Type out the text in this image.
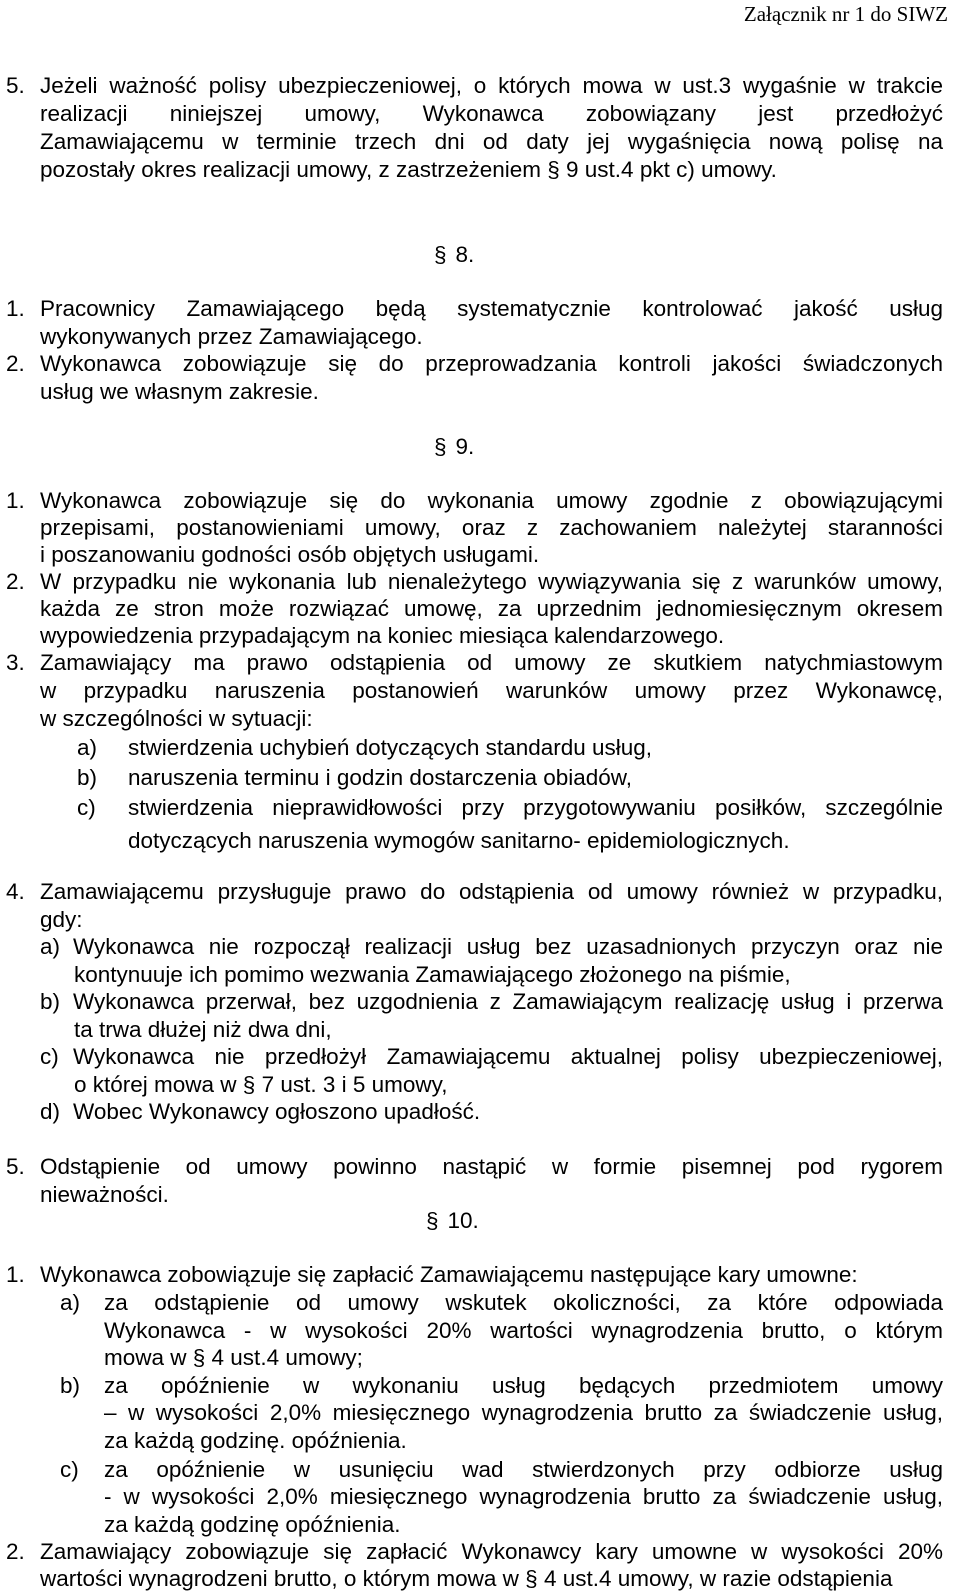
Załącznik nr 1 do SIWZ
5. Jeżeli ważność polisy ubezpieczeniowej, o których mowa w ust.3 wygaśnie w trakcie
realizacji niniejszej umowy, Wykonawca zobowiązany jest przedłożyć
Zamawiającemu w terminie trzech dni od daty jej wygaśnięcia nową polisę na
pozostały okres realizacji umowy, z zastrzeżeniem § 9 ust.4 pkt c) umowy.
§ 8.
1. Pracownicy Zamawiającego będą systematycznie kontrolować jakość usług
wykonywanych przez Zamawiającego.
2. Wykonawca zobowiązuje się do przeprowadzania kontroli jakości świadczonych
usług we własnym zakresie.
§ 9.
1. Wykonawca zobowiązuje się do wykonania umowy zgodnie z obowiązującymi
przepisami, postanowieniami umowy, oraz z zachowaniem należytej staranności
i poszanowaniu godności osób objętych usługami.
2. W przypadku nie wykonania lub nienależytego wywiązywania się z warunków umowy,
każda ze stron może rozwiązać umowę, za uprzednim jednomiesięcznym okresem
wypowiedzenia przypadającym na koniec miesiąca kalendarzowego.
3. Zamawiający ma prawo odstąpienia od umowy ze skutkiem natychmiastowym
w przypadku naruszenia postanowień warunków umowy przez Wykonawcę,
w szczególności w sytuacji:
a) stwierdzenia uchybień dotyczących standardu usług,
b) naruszenia terminu i godzin dostarczenia obiadów,
c) stwierdzenia nieprawidłowości przy przygotowywaniu posiłków, szczególnie
dotyczących naruszenia wymogów sanitarno- epidemiologicznych.
4. Zamawiającemu przysługuje prawo do odstąpienia od umowy również w przypadku,
gdy:
a) Wykonawca nie rozpoczął realizacji usług bez uzasadnionych przyczyn oraz nie
kontynuuje ich pomimo wezwania Zamawiającego złożonego na piśmie,
b) Wykonawca przerwał, bez uzgodnienia z Zamawiającym realizację usług i przerwa
ta trwa dłużej niż dwa dni,
c) Wykonawca nie przedłożył Zamawiającemu aktualnej polisy ubezpieczeniowej,
o której mowa w § 7 ust. 3 i 5 umowy,
d) Wobec Wykonawcy ogłoszono upadłość.
5. Odstąpienie od umowy powinno nastąpić w formie pisemnej pod rygorem
nieważności.
§ 10.
1. Wykonawca zobowiązuje się zapłacić Zamawiającemu następujące kary umowne:
a) za odstąpienie od umowy wskutek okoliczności, za które odpowiada
Wykonawca - w wysokości 20% wartości wynagrodzenia brutto, o którym
mowa w § 4 ust.4 umowy;
b) za opóźnienie w wykonaniu usług będących przedmiotem umowy
– w wysokości 2,0% miesięcznego wynagrodzenia brutto za świadczenie usług,
za każdą godzinę. opóźnienia.
c) za opóźnienie w usunięciu wad stwierdzonych przy odbiorze usług
- w wysokości 2,0% miesięcznego wynagrodzenia brutto za świadczenie usług,
za każdą godzinę opóźnienia.
2. Zamawiający zobowiązuje się zapłacić Wykonawcy kary umowne w wysokości 20%
wartości wynagrodzeni brutto, o którym mowa w § 4 ust.4 umowy, w razie odstąpienia
